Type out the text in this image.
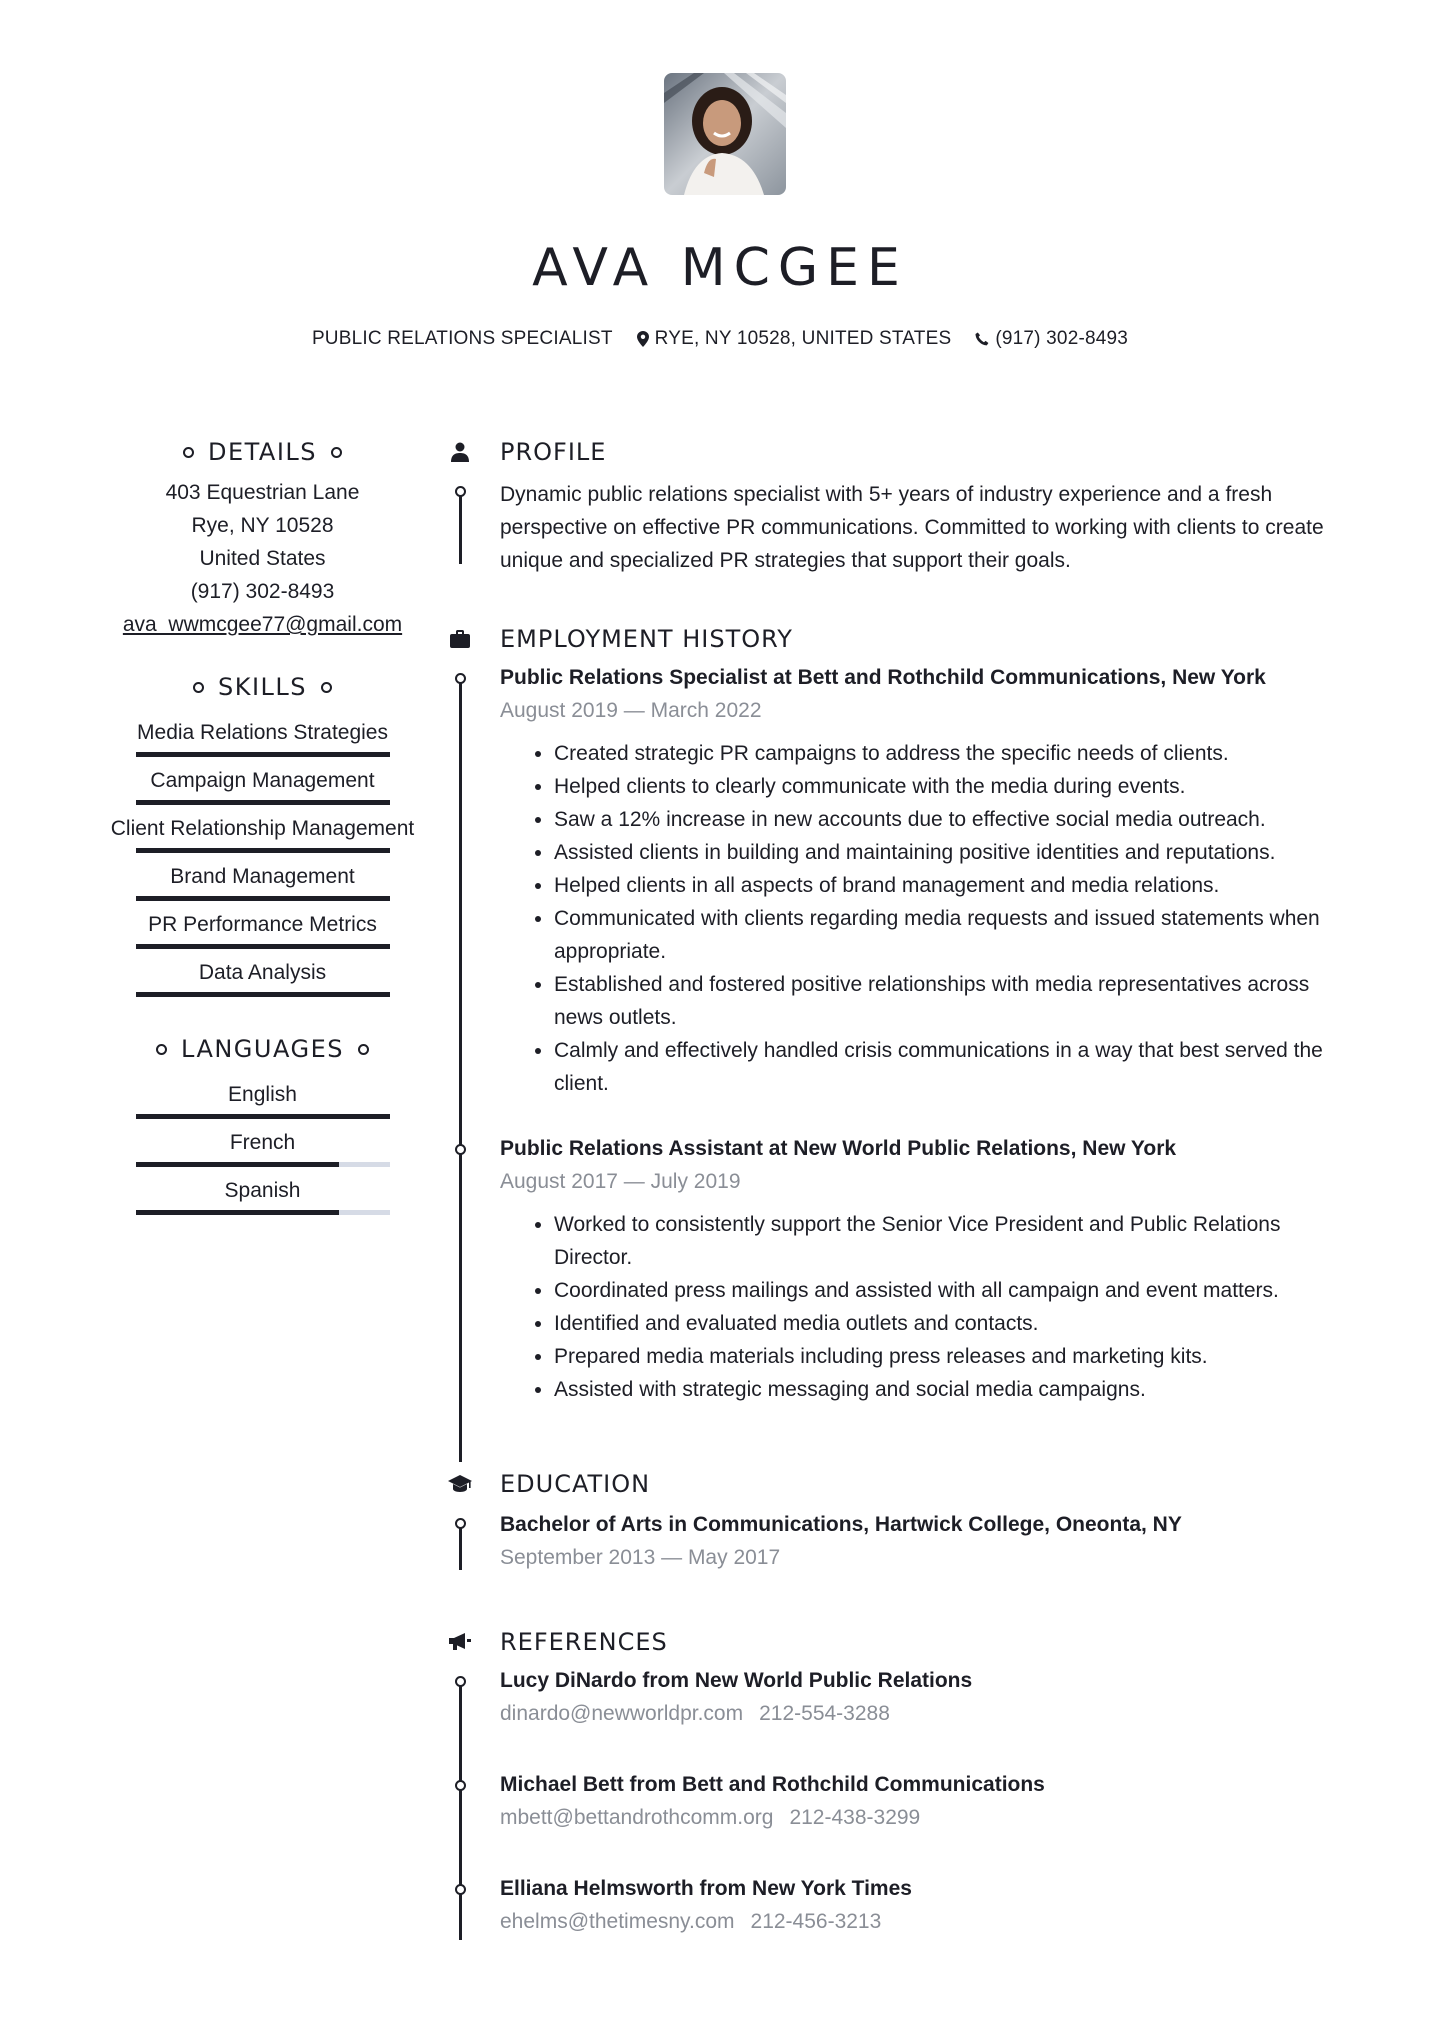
AVA MCGEE
PUBLIC RELATIONS SPECIALIST RYE, NY 10528, UNITED STATES (917) 302-8493
DETAILS
403 Equestrian Lane
Rye, NY 10528
United States
(917) 302-8493
ava_wwmcgee77@gmail.com
SKILLS
Media Relations Strategies
Campaign Management
Client Relationship Management
Brand Management
PR Performance Metrics
Data Analysis
LANGUAGES
English
French
Spanish
PROFILE

Dynamic public relations specialist with 5+ years of industry experience and a fresh perspective on effective PR communications. Committed to working with clients to create unique and specialized PR strategies that support their goals.

EMPLOYMENT HISTORY
Public Relations Specialist at Bett and Rothchild Communications, New York
August 2019 — March 2022
• Created strategic PR campaigns to address the specific needs of clients.
• Helped clients to clearly communicate with the media during events.
• Saw a 12% increase in new accounts due to effective social media outreach.
• Assisted clients in building and maintaining positive identities and reputations.
• Helped clients in all aspects of brand management and media relations.
• Communicated with clients regarding media requests and issued statements when appropriate.
• Established and fostered positive relationships with media representatives across news outlets.
• Calmly and effectively handled crisis communications in a way that best served the client.
Public Relations Assistant at New World Public Relations, New York
August 2017 — July 2019
• Worked to consistently support the Senior Vice President and Public Relations Director.
• Coordinated press mailings and assisted with all campaign and event matters.
• Identified and evaluated media outlets and contacts.
• Prepared media materials including press releases and marketing kits.
• Assisted with strategic messaging and social media campaigns.
EDUCATION
Bachelor of Arts in Communications, Hartwick College, Oneonta, NY
September 2013 — May 2017
REFERENCES
Lucy DiNardo from New World Public Relations
dinardo@newworldpr.com 212-554-3288
Michael Bett from Bett and Rothchild Communications
mbett@bettandrothcomm.org 212-438-3299
Elliana Helmsworth from New York Times
ehelms@thetimesny.com 212-456-3213
